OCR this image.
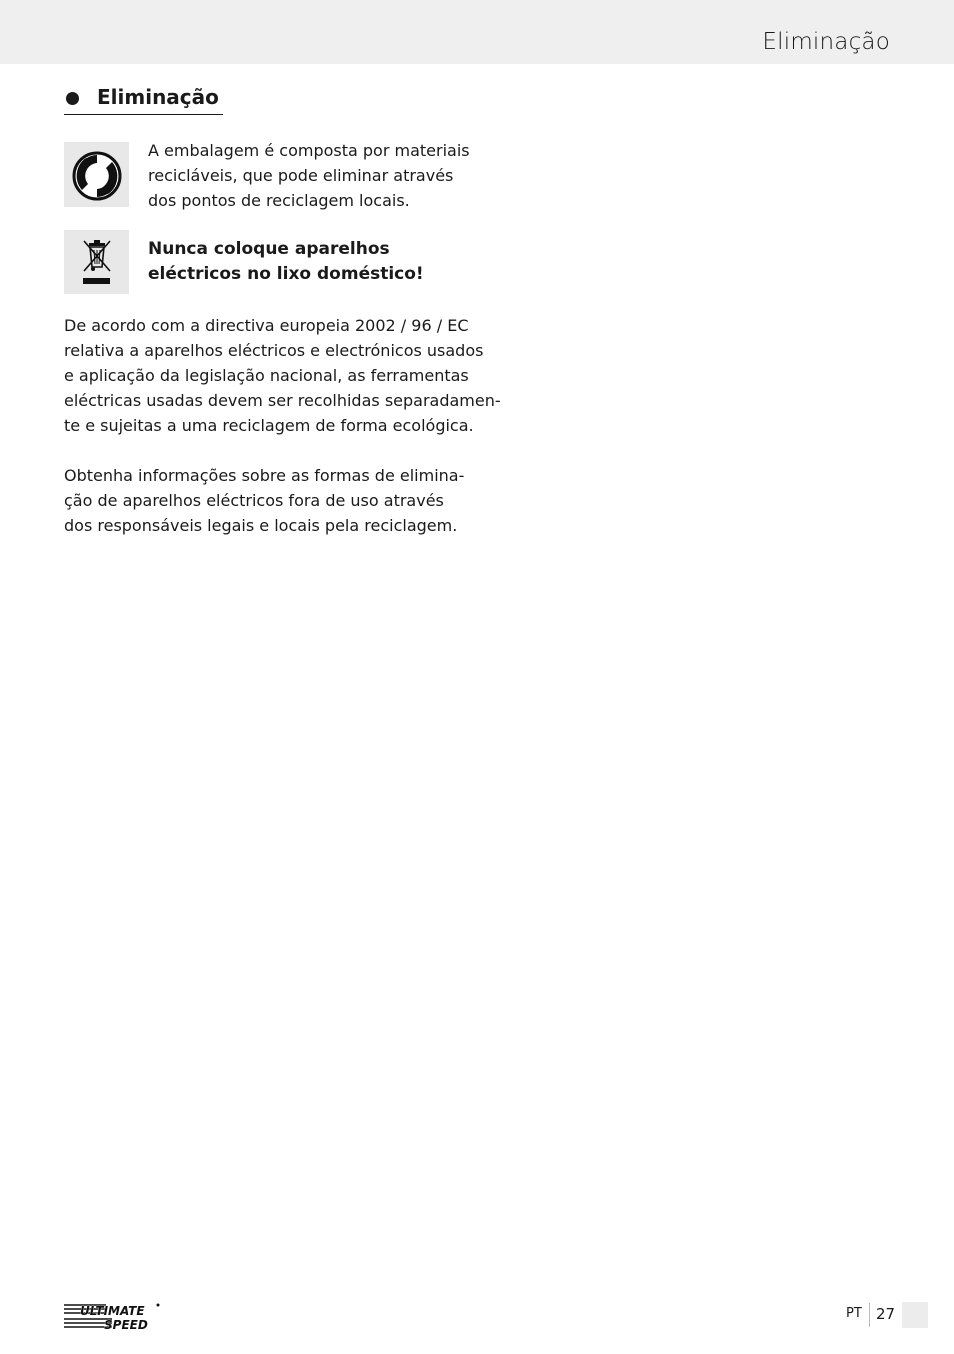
Eliminação
Eliminação

A embalagem é composta por materiais

recicláveis, que pode eliminar através

dos pontos de reciclagem locais.

Nunca coloque aparelhos

eléctricos no lixo doméstico!

De acordo com a directiva europeia 2002 / 96 / EC

relativa a aparelhos eléctricos e electrónicos usados

e aplicação da legislação nacional, as ferramentas

eléctricas usadas devem ser recolhidas separadamen-

te e sujeitas a uma reciclagem de forma ecológica.

Obtenha informações sobre as formas de elimina-

ção de aparelhos eléctricos fora de uso através

dos responsáveis legais e locais pela reciclagem.

ULTIMATE
SPEED
PT 27
